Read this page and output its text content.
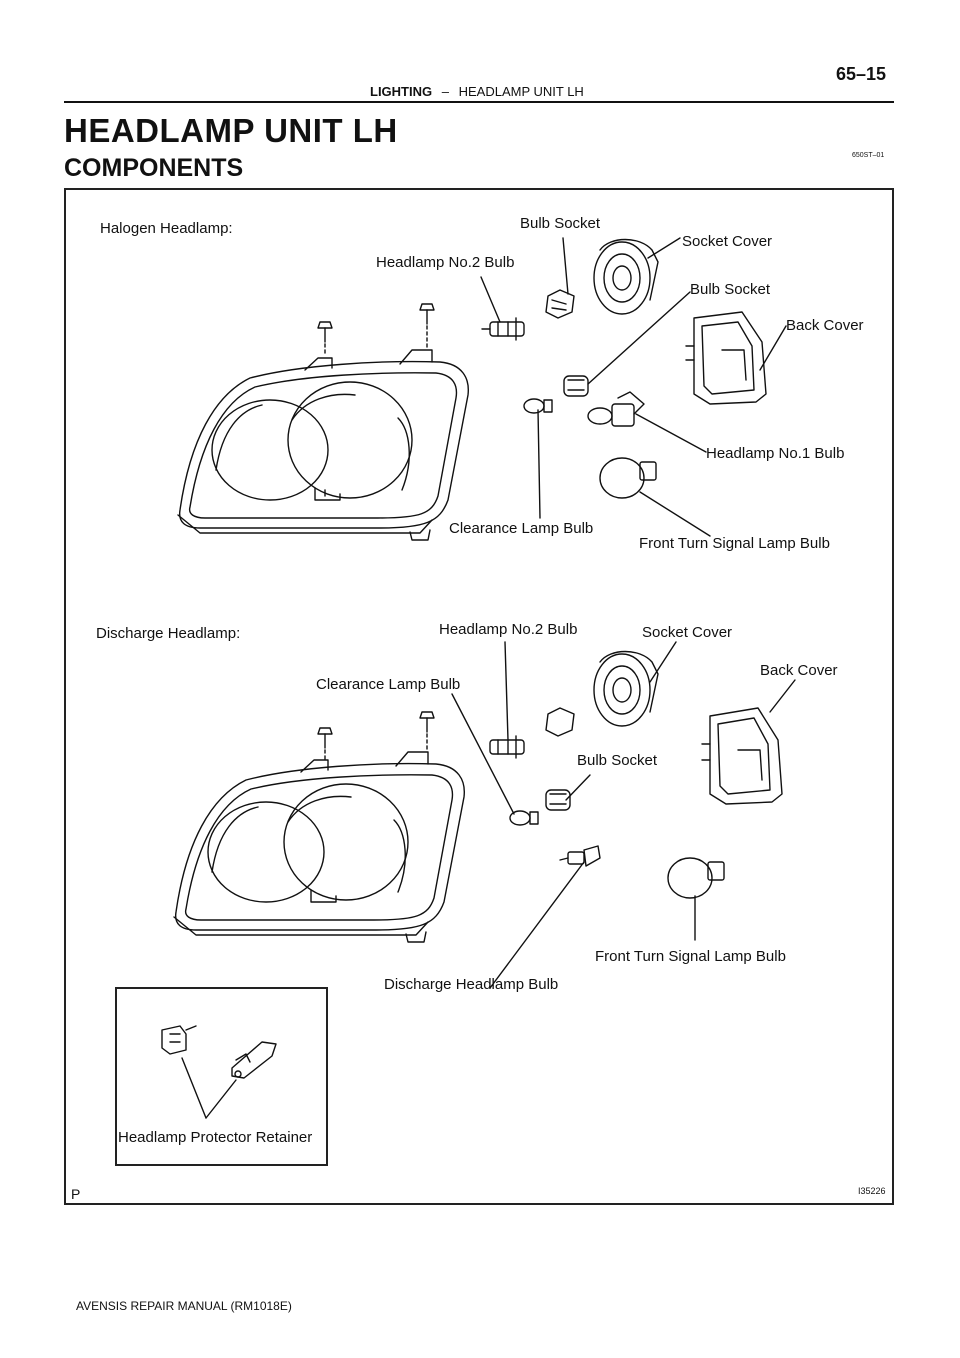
65–15
LIGHTING – HEADLAMP UNIT LH
HEADLAMP UNIT LH
COMPONENTS	650ST–01
Halogen Headlamp:	Bulb Socket
Socket Cover
Headlamp No.2 Bulb
Bulb Socket
Back Cover
Headlamp No.1 Bulb
Clearance Lamp Bulb
Front Turn Signal Lamp Bulb
Discharge Headlamp:	Headlamp No.2 Bulb	Socket Cover
Back Cover
Clearance Lamp Bulb
Bulb Socket
Front Turn Signal Lamp Bulb
Discharge Headlamp Bulb
Headlamp Protector Retainer
P	I35226
AVENSIS REPAIR MANUAL (RM1018E)
